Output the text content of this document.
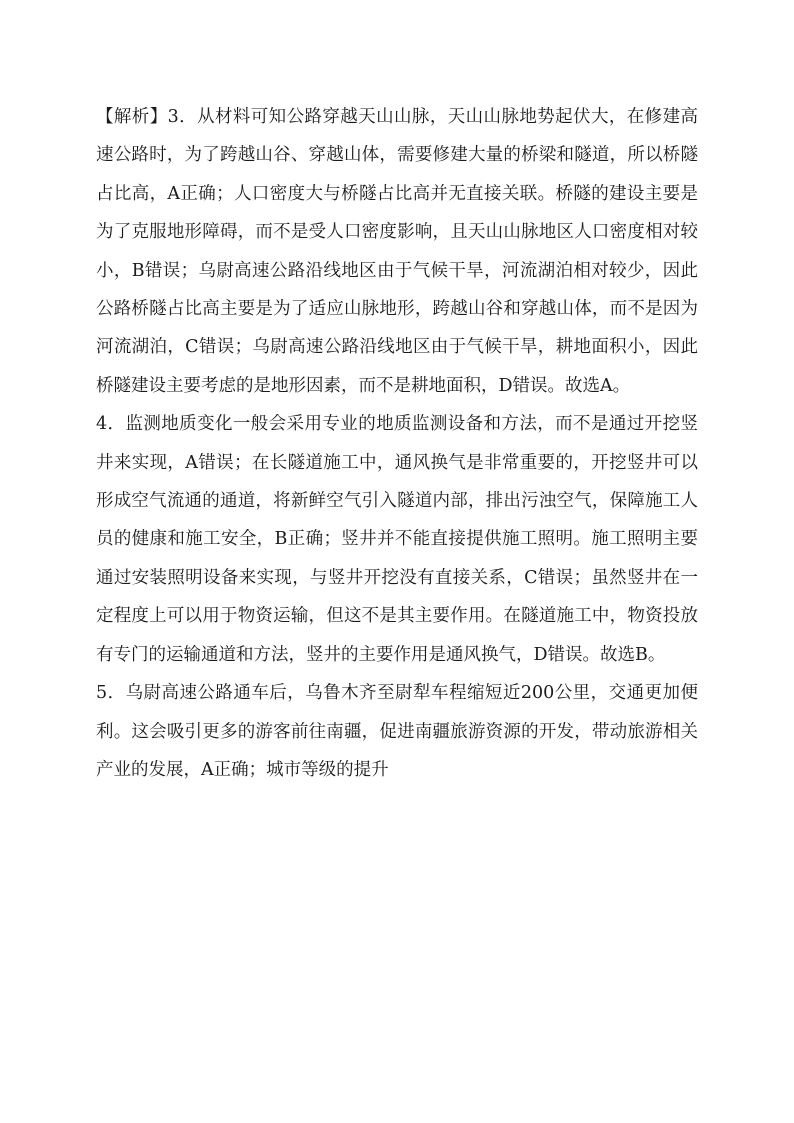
【解析】3．从材料可知公路穿越天山山脉，天山山脉地势起伏大，在修建高速公路时，为了跨越山谷、穿越山体，需要修建大量的桥梁和隧道，所以桥隧占比高，A正确；人口密度大与桥隧占比高并无直接关联。桥隧的建设主要是为了克服地形障碍，而不是受人口密度影响，且天山山脉地区人口密度相对较小，B错误；乌尉高速公路沿线地区由于气候干旱，河流湖泊相对较少，因此公路桥隧占比高主要是为了适应山脉地形，跨越山谷和穿越山体，而不是因为河流湖泊，C错误；乌尉高速公路沿线地区由于气候干旱，耕地面积小，因此桥隧建设主要考虑的是地形因素，而不是耕地面积，D错误。故选A。

4．监测地质变化一般会采用专业的地质监测设备和方法，而不是通过开挖竖井来实现，A错误；在长隧道施工中，通风换气是非常重要的，开挖竖井可以形成空气流通的通道，将新鲜空气引入隧道内部，排出污浊空气，保障施工人员的健康和施工安全，B正确；竖井并不能直接提供施工照明。施工照明主要通过安装照明设备来实现，与竖井开挖没有直接关系，C错误；虽然竖井在一定程度上可以用于物资运输，但这不是其主要作用。在隧道施工中，物资投放有专门的运输通道和方法，竖井的主要作用是通风换气，D错误。故选B。

5．乌尉高速公路通车后，乌鲁木齐至尉犁车程缩短近200公里，交通更加便利。这会吸引更多的游客前往南疆，促进南疆旅游资源的开发，带动旅游相关产业的发展，A正确；城市等级的提升
